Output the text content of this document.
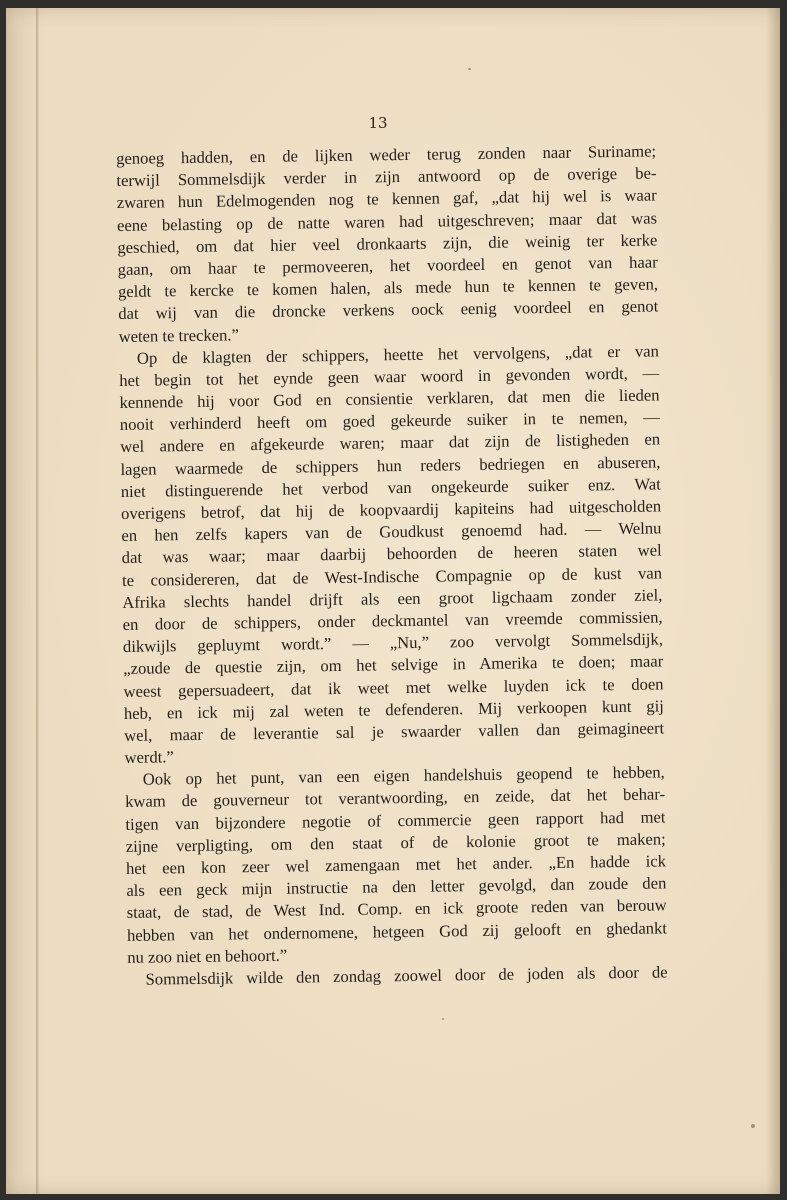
13
genoeg hadden, en de lijken weder terug zonden naar Suriname;
terwijl Sommelsdijk verder in zijn antwoord op de overige be-
zwaren hun Edelmogenden nog te kennen gaf, „dat hij wel is waar
eene belasting op de natte waren had uitgeschreven; maar dat was
geschied, om dat hier veel dronkaarts zijn, die weinig ter kerke
gaan, om haar te permoveeren, het voordeel en genot van haar
geldt te kercke te komen halen, als mede hun te kennen te geven,
dat wij van die droncke verkens oock eenig voordeel en genot
weten te trecken.”
Op de klagten der schippers, heette het vervolgens, „dat er van
het begin tot het eynde geen waar woord in gevonden wordt, —
kennende hij voor God en consientie verklaren, dat men die lieden
nooit verhinderd heeft om goed gekeurde suiker in te nemen, —
wel andere en afgekeurde waren; maar dat zijn de listigheden en
lagen waarmede de schippers hun reders bedriegen en abuseren,
niet distinguerende het verbod van ongekeurde suiker enz. Wat
overigens betrof, dat hij de koopvaardij kapiteins had uitgescholden
en hen zelfs kapers van de Goudkust genoemd had. — Welnu
dat was waar; maar daarbij behoorden de heeren staten wel
te considereren, dat de West-Indische Compagnie op de kust van
Afrika slechts handel drijft als een groot ligchaam zonder ziel,
en door de schippers, onder deckmantel van vreemde commissien,
dikwijls gepluymt wordt.” — „Nu,” zoo vervolgt Sommelsdijk,
„zoude de questie zijn, om het selvige in Amerika te doen; maar
weest gepersuadeert, dat ik weet met welke luyden ick te doen
heb, en ick mij zal weten te defenderen. Mij verkoopen kunt gij
wel, maar de leverantie sal je swaarder vallen dan geimagineert
werdt.”
Ook op het punt, van een eigen handelshuis geopend te hebben,
kwam de gouverneur tot verantwoording, en zeide, dat het behar-
tigen van bijzondere negotie of commercie geen rapport had met
zijne verpligting, om den staat of de kolonie groot te maken;
het een kon zeer wel zamengaan met het ander. „En hadde ick
als een geck mijn instructie na den letter gevolgd, dan zoude den
staat, de stad, de West Ind. Comp. en ick groote reden van berouw
hebben van het ondernomene, hetgeen God zij gelooft en ghedankt
nu zoo niet en behoort.”
Sommelsdijk wilde den zondag zoowel door de joden als door de
